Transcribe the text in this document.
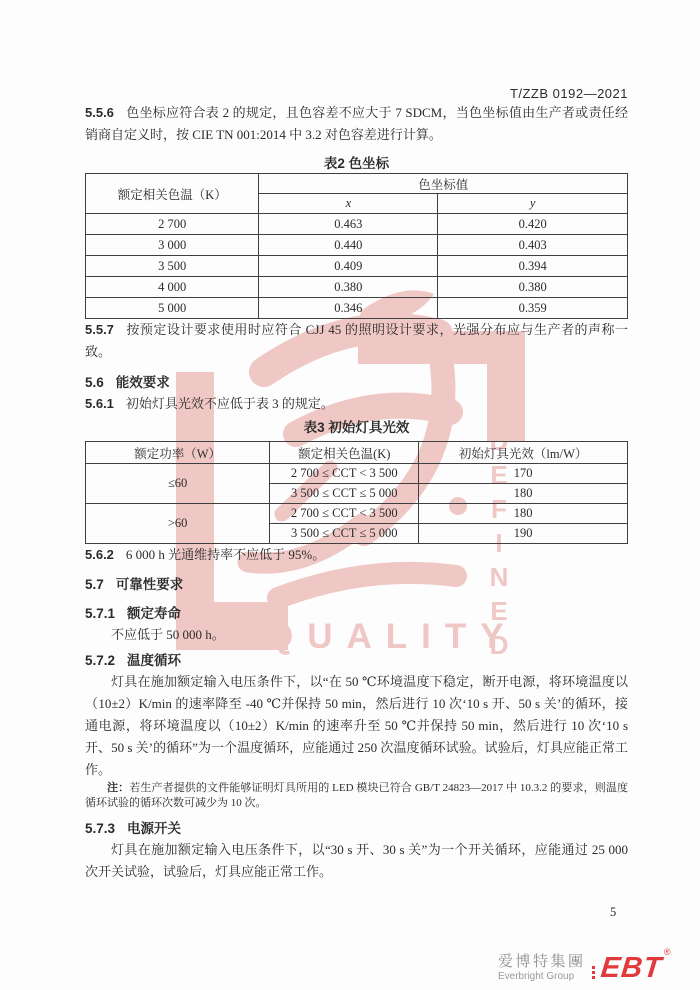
DEFINED
QUALITY
T/ZZB 0192—2021

5.5.6 色坐标应符合表 2 的规定，且色容差不应大于 7 SDCM，当色坐标值由生产者或责任经销商自定义时，按 CIE TN 001:2014 中 3.2 对色容差进行计算。

表2 色坐标
额定相关色温（K）	色坐标值	
	x	y
2 700	0.463	0.420
3 000	0.440	0.403
3 500	0.409	0.394
4 000	0.380	0.380
5 000	0.346	0.359

5.5.7 按预定设计要求使用时应符合 CJJ 45 的照明设计要求，光强分布应与生产者的声称一致。

5.6 能效要求

5.6.1 初始灯具光效不应低于表 3 的规定。

表3 初始灯具光效
额定功率（W）	额定相关色温(K)	初始灯具光效（lm/W）
≤60	2 700 ≤ CCT < 3 500	170
	3 500 ≤ CCT ≤ 5 000	180
>60	2 700 ≤ CCT < 3 500	180
	3 500 ≤ CCT ≤ 5 000	190

5.6.2 6 000 h 光通维持率不应低于 95%。

5.7 可靠性要求

5.7.1 额定寿命

不应低于 50 000 h。

5.7.2 温度循环

灯具在施加额定输入电压条件下，以“在 50 ℃环境温度下稳定，断开电源，将环境温度以（10±2）K/min 的速率降至 -40 ℃并保持 50 min，然后进行 10 次‘10 s 开、50 s 关’的循环，接通电源，将环境温度以（10±2）K/min 的速率升至 50 ℃并保持 50 min，然后进行 10 次‘10 s 开、50 s 关’的循环”为一个温度循环，应能通过 250 次温度循环试验。试验后，灯具应能正常工作。

注：若生产者提供的文件能够证明灯具所用的 LED 模块已符合 GB/T 24823—2017 中 10.3.2 的要求，则温度循环试验的循环次数可减少为 10 次。

5.7.3 电源开关

灯具在施加额定输入电压条件下，以“30 s 开、30 s 关”为一个开关循环，应能通过 25 000 次开关试验，试验后，灯具应能正常工作。

5
爱博特集團
Everbright Group EBT ®
